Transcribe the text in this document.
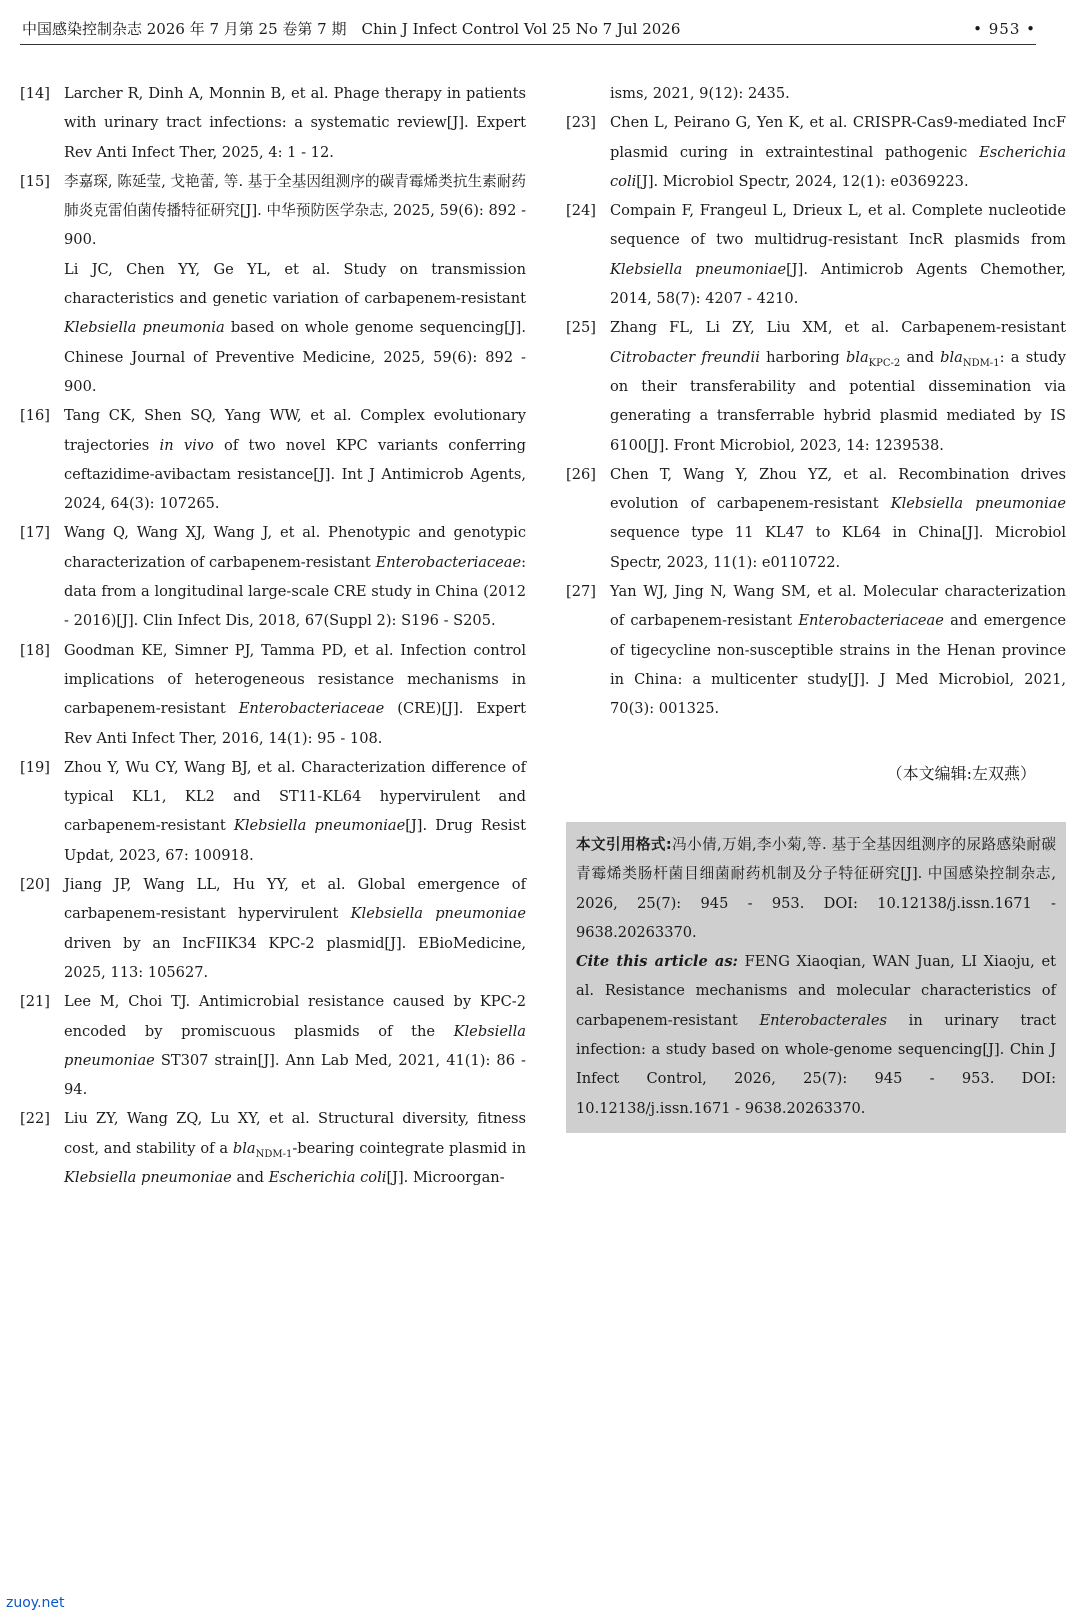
中国感染控制杂志 2026 年 7 月第 25 卷第 7 期　Chin J Infect Control Vol 25 No 7 Jul 2026	• 953 •
[14] Larcher R, Dinh A, Monnin B, et al. Phage therapy in patients with urinary tract infections: a systematic review[J]. Expert Rev Anti Infect Ther, 2025, 4: 1 - 12.
[15] 李嘉琛, 陈延莹, 戈艳蕾, 等. 基于全基因组测序的碳青霉烯类抗生素耐药肺炎克雷伯菌传播特征研究[J]. 中华预防医学杂志, 2025, 59(6): 892 - 900.
Li JC, Chen YY, Ge YL, et al. Study on transmission characteristics and genetic variation of carbapenem-resistant Klebsiella pneumonia based on whole genome sequencing[J]. Chinese Journal of Preventive Medicine, 2025, 59(6): 892 - 900.
[16] Tang CK, Shen SQ, Yang WW, et al. Complex evolutionary trajectories in vivo of two novel KPC variants conferring ceftazidime-avibactam resistance[J]. Int J Antimicrob Agents, 2024, 64(3): 107265.
[17] Wang Q, Wang XJ, Wang J, et al. Phenotypic and genotypic characterization of carbapenem-resistant Enterobacteriaceae: data from a longitudinal large-scale CRE study in China (2012 - 2016)[J]. Clin Infect Dis, 2018, 67(Suppl 2): S196 - S205.
[18] Goodman KE, Simner PJ, Tamma PD, et al. Infection control implications of heterogeneous resistance mechanisms in carbapenem-resistant Enterobacteriaceae (CRE)[J]. Expert Rev Anti Infect Ther, 2016, 14(1): 95 - 108.
[19] Zhou Y, Wu CY, Wang BJ, et al. Characterization difference of typical KL1, KL2 and ST11-KL64 hypervirulent and carbapenem-resistant Klebsiella pneumoniae[J]. Drug Resist Updat, 2023, 67: 100918.
[20] Jiang JP, Wang LL, Hu YY, et al. Global emergence of carbapenem-resistant hypervirulent Klebsiella pneumoniae driven by an IncFIIK34 KPC-2 plasmid[J]. EBioMedicine, 2025, 113: 105627.
[21] Lee M, Choi TJ. Antimicrobial resistance caused by KPC-2 encoded by promiscuous plasmids of the Klebsiella pneumoniae ST307 strain[J]. Ann Lab Med, 2021, 41(1): 86 - 94.
[22] Liu ZY, Wang ZQ, Lu XY, et al. Structural diversity, fitness cost, and stability of a bla$_{NDM-1}$-bearing cointegrate plasmid in Klebsiella pneumoniae and Escherichia coli[J]. Microorgan-
isms, 2021, 9(12): 2435.
[23] Chen L, Peirano G, Yen K, et al. CRISPR-Cas9-mediated IncF plasmid curing in extraintestinal pathogenic Escherichia coli[J]. Microbiol Spectr, 2024, 12(1): e0369223.
[24] Compain F, Frangeul L, Drieux L, et al. Complete nucleotide sequence of two multidrug-resistant IncR plasmids from Klebsiella pneumoniae[J]. Antimicrob Agents Chemother, 2014, 58(7): 4207 - 4210.
[25] Zhang FL, Li ZY, Liu XM, et al. Carbapenem-resistant Citrobacter freundii harboring bla$_{KPC-2}$ and bla$_{NDM-1}$: a study on their transferability and potential dissemination via generating a transferrable hybrid plasmid mediated by IS 6100[J]. Front Microbiol, 2023, 14: 1239538.
[26] Chen T, Wang Y, Zhou YZ, et al. Recombination drives evolution of carbapenem-resistant Klebsiella pneumoniae sequence type 11 KL47 to KL64 in China[J]. Microbiol Spectr, 2023, 11(1): e0110722.
[27] Yan WJ, Jing N, Wang SM, et al. Molecular characterization of carbapenem-resistant Enterobacteriaceae and emergence of tigecycline non-susceptible strains in the Henan province in China: a multicenter study[J]. J Med Microbiol, 2021, 70(3): 001325.
（本文编辑:左双燕）

本文引用格式:冯小倩,万娟,李小菊,等. 基于全基因组测序的尿路感染耐碳青霉烯类肠杆菌目细菌耐药机制及分子特征研究[J]. 中国感染控制杂志, 2026, 25(7): 945 - 953. DOI: 10.12138/j.issn.1671 - 9638.20263370.

Cite this article as: FENG Xiaoqian, WAN Juan, LI Xiaoju, et al. Resistance mechanisms and molecular characteristics of carbapenem-resistant Enterobacterales in urinary tract infection: a study based on whole-genome sequencing[J]. Chin J Infect Control, 2026, 25(7): 945 - 953. DOI: 10.12138/j.issn.1671 - 9638.20263370.

zuoy.net
